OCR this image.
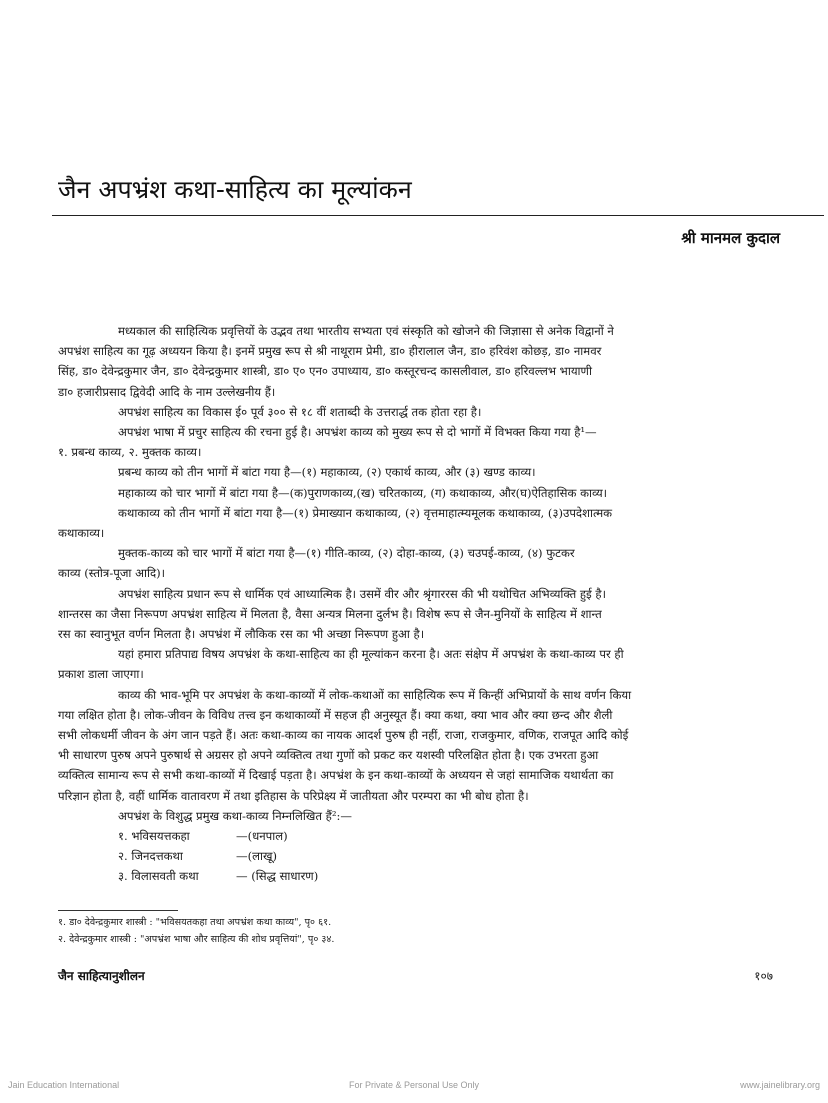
जैन अपभ्रंश कथा-साहित्य का मूल्यांकन
श्री मानमल कुदाल

मध्यकाल की साहित्यिक प्रवृत्तियों के उद्भव तथा भारतीय सभ्यता एवं संस्कृति को खोजने की जिज्ञासा से अनेक विद्वानों ने
अपभ्रंश साहित्य का गूढ़ अध्ययन किया है। इनमें प्रमुख रूप से श्री नाथूराम प्रेमी, डा० हीरालाल जैन, डा० हरिवंश कोछड़, डा० नामवर
सिंह, डा० देवेन्द्रकुमार जैन, डा० देवेन्द्रकुमार शास्त्री, डा० ए० एन० उपाध्याय, डा० कस्तूरचन्द कासलीवाल, डा० हरिवल्लभ भायाणी
डा० हजारीप्रसाद द्विवेदी आदि के नाम उल्लेखनीय हैं।

अपभ्रंश साहित्य का विकास ई० पूर्व ३०० से १८ वीं शताब्दी के उत्तरार्द्ध तक होता रहा है।

अपभ्रंश भाषा में प्रचुर साहित्य की रचना हुई है। अपभ्रंश काव्य को मुख्य रूप से दो भागों में विभक्त किया गया है¹—
१. प्रबन्ध काव्य, २. मुक्तक काव्य।

प्रबन्ध काव्य को तीन भागों में बांटा गया है—(१) महाकाव्य, (२) एकार्थ काव्य, और (३) खण्ड काव्य।

महाकाव्य को चार भागों में बांटा गया है—(क)पुराणकाव्य,(ख) चरितकाव्य, (ग) कथाकाव्य, और(घ)ऐतिहासिक काव्य।

कथाकाव्य को तीन भागों में बांटा गया है—(१) प्रेमाख्यान कथाकाव्य, (२) वृत्तमाहात्म्यमूलक कथाकाव्य, (३)उपदेशात्मक
कथाकाव्य।

मुक्तक-काव्य को चार भागों में बांटा गया है—(१) गीति-काव्य, (२) दोहा-काव्य, (३) चउपई-काव्य, (४) फुटकर
काव्य (स्तोत्र-पूजा आदि)।

अपभ्रंश साहित्य प्रधान रूप से धार्मिक एवं आध्यात्मिक है। उसमें वीर और श्रृंगाररस की भी यथोचित अभिव्यक्ति हुई है।
शान्तरस का जैसा निरूपण अपभ्रंश साहित्य में मिलता है, वैसा अन्यत्र मिलना दुर्लभ है। विशेष रूप से जैन-मुनियों के साहित्य में शान्त
रस का स्वानुभूत वर्णन मिलता है। अपभ्रंश में लौकिक रस का भी अच्छा निरूपण हुआ है।

यहां हमारा प्रतिपाद्य विषय अपभ्रंश के कथा-साहित्य का ही मूल्यांकन करना है। अतः संक्षेप में अपभ्रंश के कथा-काव्य पर ही
प्रकाश डाला जाएगा।

काव्य की भाव-भूमि पर अपभ्रंश के कथा-काव्यों में लोक-कथाओं का साहित्यिक रूप में किन्हीं अभिप्रायों के साथ वर्णन किया
गया लक्षित होता है। लोक-जीवन के विविध तत्त्व इन कथाकाव्यों में सहज ही अनुस्यूत हैं। क्या कथा, क्या भाव और क्या छन्द और शैली
सभी लोकधर्मी जीवन के अंग जान पड़ते हैं। अतः कथा-काव्य का नायक आदर्श पुरुष ही नहीं, राजा, राजकुमार, वणिक, राजपूत आदि कोई
भी साधारण पुरुष अपने पुरुषार्थ से अग्रसर हो अपने व्यक्तित्व तथा गुणों को प्रकट कर यशस्वी परिलक्षित होता है। एक उभरता हुआ
व्यक्तित्व सामान्य रूप से सभी कथा-काव्यों में दिखाई पड़ता है। अपभ्रंश के इन कथा-काव्यों के अध्ययन से जहां सामाजिक यथार्थता का
परिज्ञान होता है, वहीं धार्मिक वातावरण में तथा इतिहास के परिप्रेक्ष्य में जातीयता और परम्परा का भी बोध होता है।

अपभ्रंश के विशुद्ध प्रमुख कथा-काव्य निम्नलिखित हैं²:—

१. भविसयत्तकहा	—(धनपाल)
२. जिनदत्तकथा	—(लाखू)
३. विलासवती कथा	— (सिद्ध साधारण)
१. डा० देवेन्द्रकुमार शास्त्री : "भविसयतकहा तथा अपभ्रंश कथा काव्य", पृ० ६१.
२. देवेन्द्रकुमार शास्त्री : "अपभ्रंश भाषा और साहित्य की शोध प्रवृत्तियां", पृ० ३४.
जैन साहित्यानुशीलन	१०७
Jain Education International	For Private & Personal Use Only	www.jainelibrary.org
